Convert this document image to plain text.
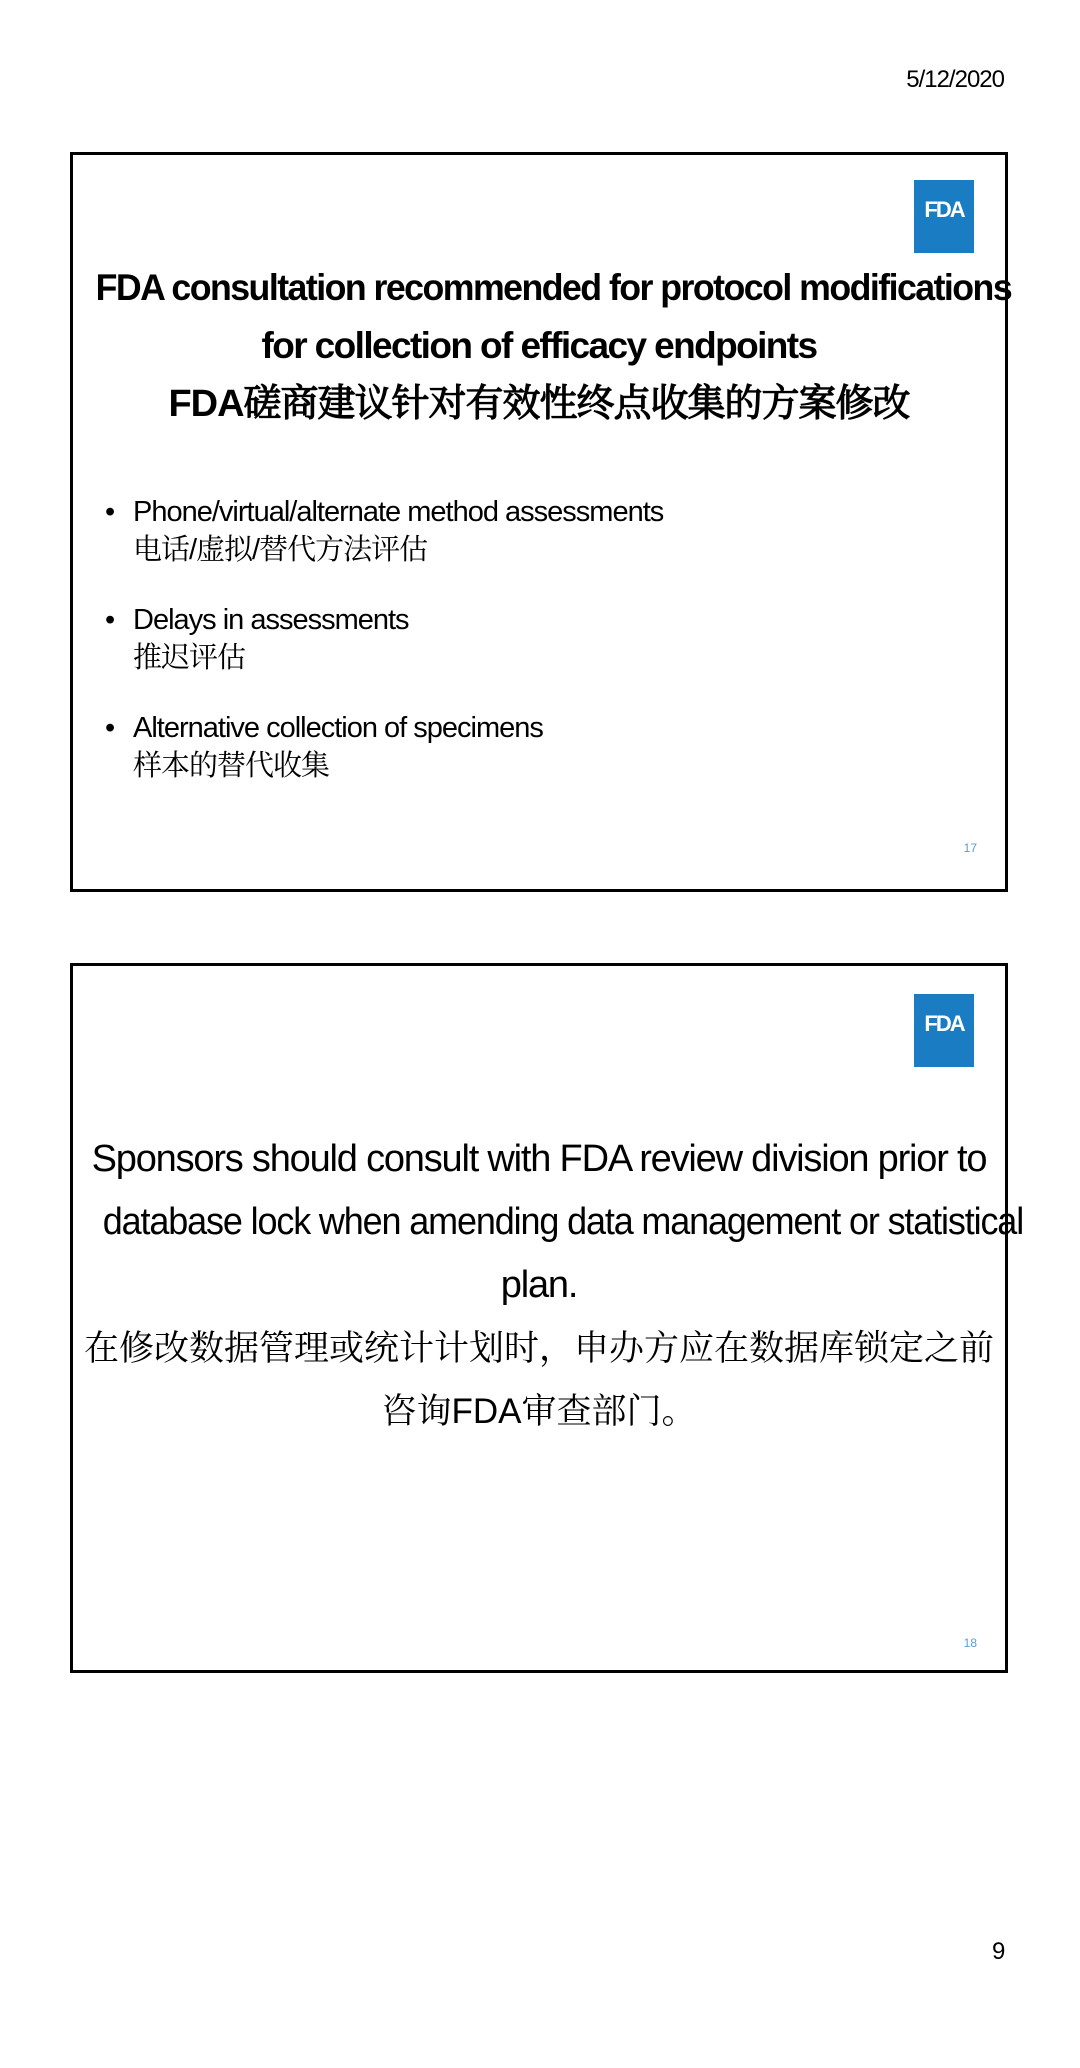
5/12/2020
FDA
FDA consultation recommended for protocol modifications
for collection of efficacy endpoints
FDA磋商建议针对有效性终点收集的方案修改
• Phone/virtual/alternate method assessments
电话/虚拟/替代方法评估
• Delays in assessments
推迟评估
• Alternative collection of specimens
样本的替代收集
17
FDA
Sponsors should consult with FDA review division prior to
database lock when amending data management or statistical
plan.
在修改数据管理或统计计划时，申办方应在数据库锁定之前
咨询FDA审查部门。
18
9
